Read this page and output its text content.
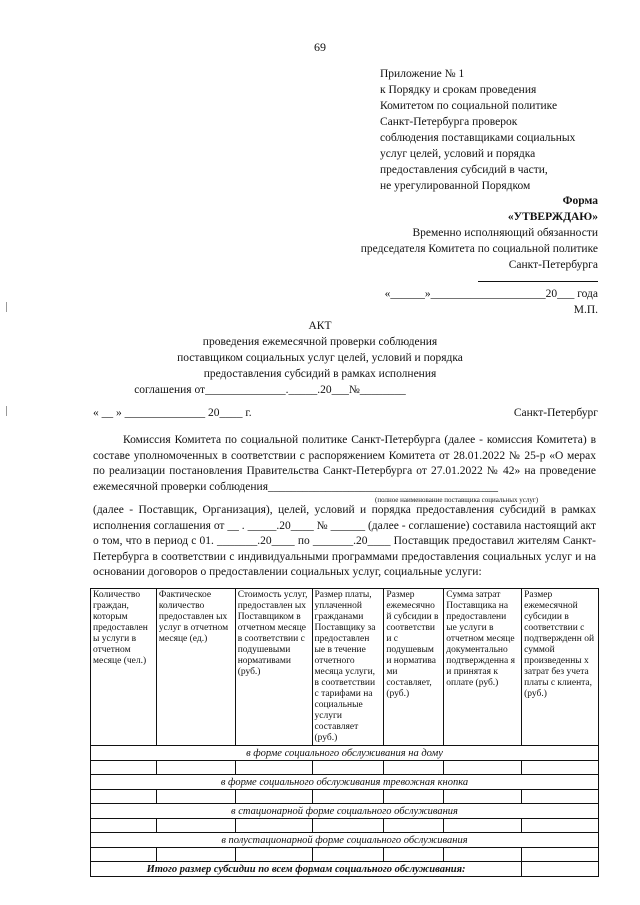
69
Приложение № 1
к Порядку и срокам проведения
Комитетом по социальной политике
Санкт-Петербурга проверок
соблюдения поставщиками социальных
услуг целей, условий и порядка
предоставления субсидий в части,
не урегулированной Порядком
Форма
«УТВЕРЖДАЮ»
Временно исполняющий обязанности
председателя Комитета по социальной политике
Санкт-Петербурга
«______»____________________20___ года
М.П.
АКТ
проведения ежемесячной проверки соблюдения
поставщиком социальных услуг целей, условий и порядка
предоставления субсидий в рамках исполнения
соглашения от______________._____.20___№________
« __ » ______________ 20____ г.	Санкт-Петербург
Комиссия Комитета по социальной политике Санкт-Петербурга (далее - комиссия Комитета) в составе уполномоченных в соответствии с распоряжением Комитета от 28.01.2022 № 25-р «О мерах по реализации постановления Правительства Санкт-Петербурга от 27.01.2022 № 42» на проведение ежемесячной проверки соблюдения________________________________________
(полное наименование поставщика социальных услуг)
(далее - Поставщик, Организация), целей, условий и порядка предоставления субсидий в рамках исполнения соглашения от __ . _____.20____ № ______ (далее - соглашение) составила настоящий акт о том, что в период с 01. _______.20____ по _______.20____ Поставщик предоставил жителям Санкт-Петербурга в соответствии с индивидуальными программами предоставления социальных услуг и на основании договоров о предоставлении социальных услуг, социальные услуги:
Количество граждан, которым предоставлен ы услуги в отчетном месяце (чел.)	Фактическое количество предоставлен ых услуг в отчетном месяце (ед.)	Стоимость услуг, предоставлен ых Поставщиком в отчетном месяце в соответствии с подушевыми нормативами (руб.)	Размер платы, уплаченной гражданами Поставщику за предоставлен ые в течение отчетного месяца услуги, в соответствии с тарифами на социальные услуги составляет (руб.)	Размер ежемесячно й субсидии в соответстви и с подушевым и норматива ми составляет, (руб.)	Сумма затрат Поставщика на предоставлени ые услуги в отчетном месяце документально подтвержденна я и принятая к оплате (руб.)	Размер ежемесячной субсидии в соответствии с подтвержденн ой суммой произведенны х затрат без учета платы с клиента, (руб.)
в форме социального обслуживания на дому						

в форме социального обслуживания тревожная кнопка						

в стационарной форме социального обслуживания						

в полустационарной форме социального обслуживания						

Итого размер субсидии по всем формам социального обслуживания:						
